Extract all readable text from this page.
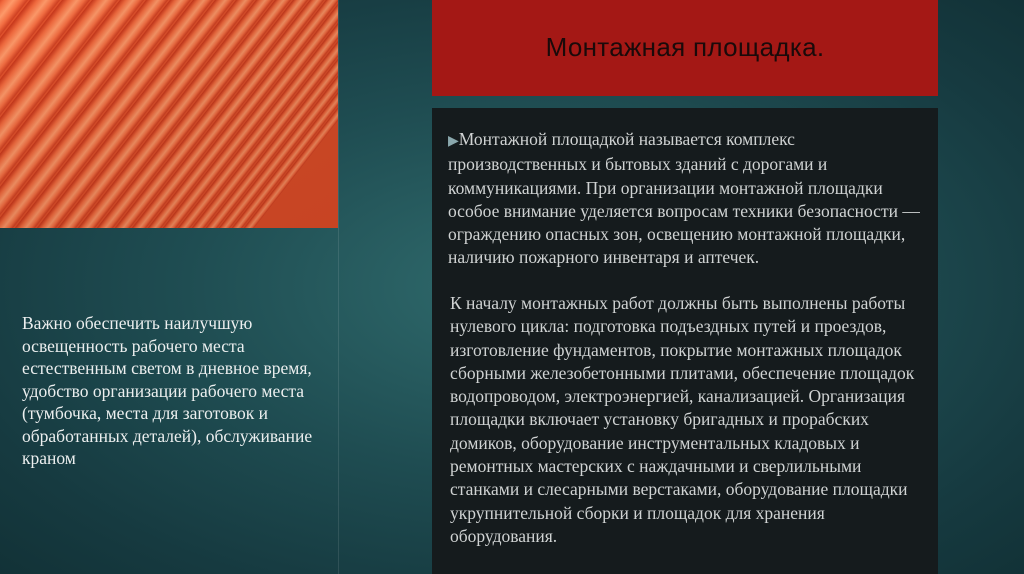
Монтажная площадка.
▶Монтажной площадкой называется комплекс производственных и бытовых зданий с дорогами и коммуникациями. При организации монтажной площадки особое внимание уделяется вопросам техники безопасности — ограждению опасных зон, освещению монтажной площадки, наличию пожарного инвентаря и аптечек.
К началу монтажных работ должны быть выполнены работы нулевого цикла: подготовка подъездных путей и проездов, изготовление фундаментов, покрытие монтажных площадок сборными железобетонными плитами, обеспечение площадок водопроводом, электроэнергией, канализацией. Организация площадки включает установку бригадных и прорабских домиков, оборудование инструментальных кладовых и ремонтных мастерских с наждачными и сверлильными станками и слесарными верстаками, оборудование площадки укрупнительной сборки и площадок для хранения оборудования.
Важно обеспечить наилучшую освещенность рабочего места естественным светом в дневное время, удобство организации рабочего места (тумбочка, места для заготовок и обработанных деталей), обслуживание краном
